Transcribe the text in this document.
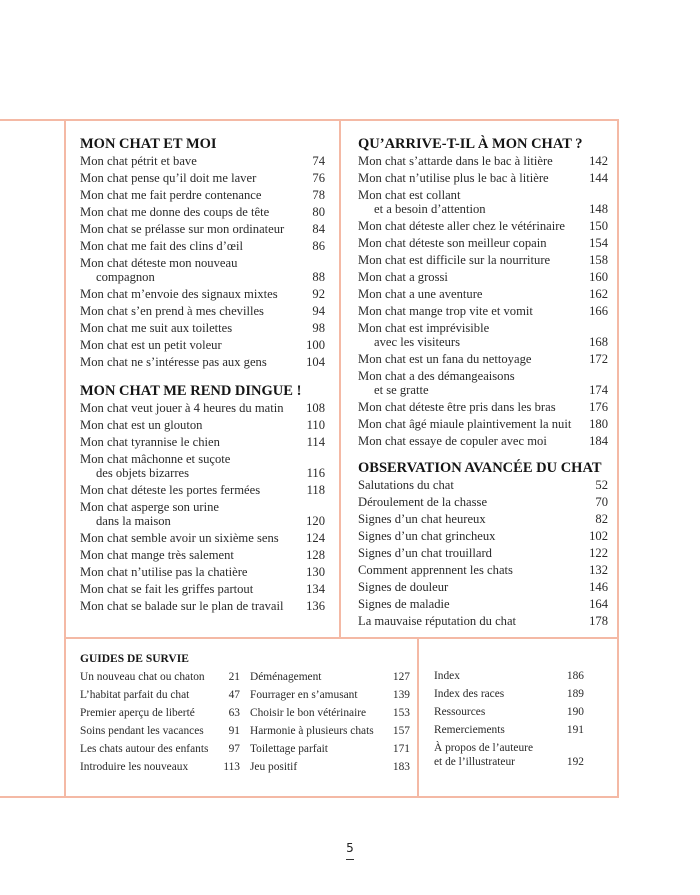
MON CHAT ET MOI
Mon chat pétrit et bave	74
Mon chat pense qu’il doit me laver	76
Mon chat me fait perdre contenance	78
Mon chat me donne des coups de tête	80
Mon chat se prélasse sur mon ordinateur	84
Mon chat me fait des clins d’œil	86
Mon chat déteste mon nouveau
compagnon	88
Mon chat m’envoie des signaux mixtes	92
Mon chat s’en prend à mes chevilles	94
Mon chat me suit aux toilettes	98
Mon chat est un petit voleur	100
Mon chat ne s’intéresse pas aux gens	104
MON CHAT ME REND DINGUE !
Mon chat veut jouer à 4 heures du matin	108
Mon chat est un glouton	110
Mon chat tyrannise le chien	114
Mon chat mâchonne et suçote
des objets bizarres	116
Mon chat déteste les portes fermées	118
Mon chat asperge son urine
dans la maison	120
Mon chat semble avoir un sixième sens	124
Mon chat mange très salement	128
Mon chat n’utilise pas la chatière	130
Mon chat se fait les griffes partout	134
Mon chat se balade sur le plan de travail	136
QU’ARRIVE-T-IL À MON CHAT ?
Mon chat s’attarde dans le bac à litière	142
Mon chat n’utilise plus le bac à litière	144
Mon chat est collant
et a besoin d’attention	148
Mon chat déteste aller chez le vétérinaire	150
Mon chat déteste son meilleur copain	154
Mon chat est difficile sur la nourriture	158
Mon chat a grossi	160
Mon chat a une aventure	162
Mon chat mange trop vite et vomit	166
Mon chat est imprévisible
avec les visiteurs	168
Mon chat est un fana du nettoyage	172
Mon chat a des démangeaisons
et se gratte	174
Mon chat déteste être pris dans les bras	176
Mon chat âgé miaule plaintivement la nuit	180
Mon chat essaye de copuler avec moi	184
OBSERVATION AVANCÉE DU CHAT
Salutations du chat	52
Déroulement de la chasse	70
Signes d’un chat heureux	82
Signes d’un chat grincheux	102
Signes d’un chat trouillard	122
Comment apprennent les chats	132
Signes de douleur	146
Signes de maladie	164
La mauvaise réputation du chat	178
GUIDES DE SURVIE
Un nouveau chat ou chaton	21
L’habitat parfait du chat	47
Premier aperçu de liberté	63
Soins pendant les vacances	91
Les chats autour des enfants	97
Introduire les nouveaux	113
Déménagement	127
Fourrager en s’amusant	139
Choisir le bon vétérinaire	153
Harmonie à plusieurs chats	157
Toilettage parfait	171
Jeu positif	183
Index	186
Index des races	189
Ressources	190
Remerciements	191
À propos de l’auteure
et de l’illustrateur	192
5
